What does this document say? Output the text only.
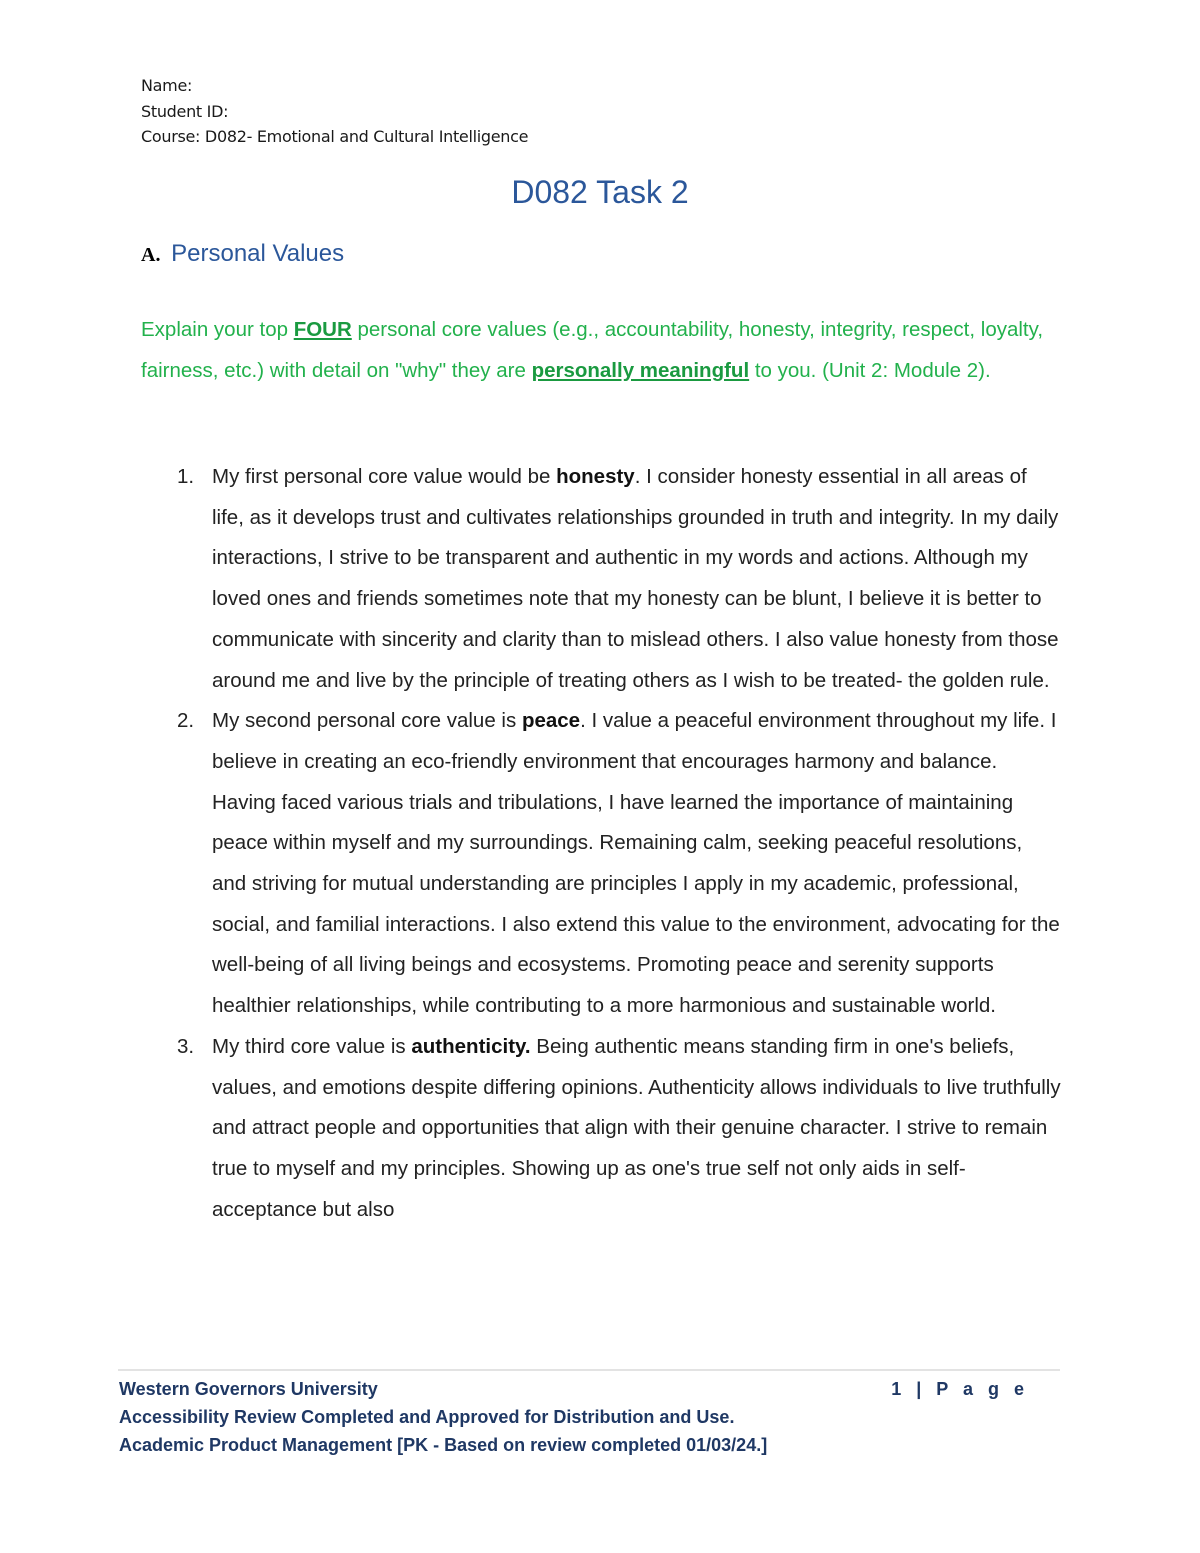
Name:
Student ID:
Course: D082- Emotional and Cultural Intelligence
D082 Task 2
A. Personal Values
Explain your top FOUR personal core values (e.g., accountability, honesty, integrity, respect, loyalty, fairness, etc.) with detail on "why" they are personally meaningful to you. (Unit 2: Module 2).
1. My first personal core value would be honesty. I consider honesty essential in all areas of life, as it develops trust and cultivates relationships grounded in truth and integrity. In my daily interactions, I strive to be transparent and authentic in my words and actions. Although my loved ones and friends sometimes note that my honesty can be blunt, I believe it is better to communicate with sincerity and clarity than to mislead others. I also value honesty from those around me and live by the principle of treating others as I wish to be treated- the golden rule.
2. My second personal core value is peace. I value a peaceful environment throughout my life. I believe in creating an eco-friendly environment that encourages harmony and balance. Having faced various trials and tribulations, I have learned the importance of maintaining peace within myself and my surroundings. Remaining calm, seeking peaceful resolutions, and striving for mutual understanding are principles I apply in my academic, professional, social, and familial interactions. I also extend this value to the environment, advocating for the well-being of all living beings and ecosystems. Promoting peace and serenity supports healthier relationships, while contributing to a more harmonious and sustainable world.
3. My third core value is authenticity. Being authentic means standing firm in one's beliefs, values, and emotions despite differing opinions. Authenticity allows individuals to live truthfully and attract people and opportunities that align with their genuine character. I strive to remain true to myself and my principles. Showing up as one's true self not only aids in self-acceptance but also
Western Governors University	1 | P a g e
Accessibility Review Completed and Approved for Distribution and Use.
Academic Product Management [PK - Based on review completed 01/03/24.]
